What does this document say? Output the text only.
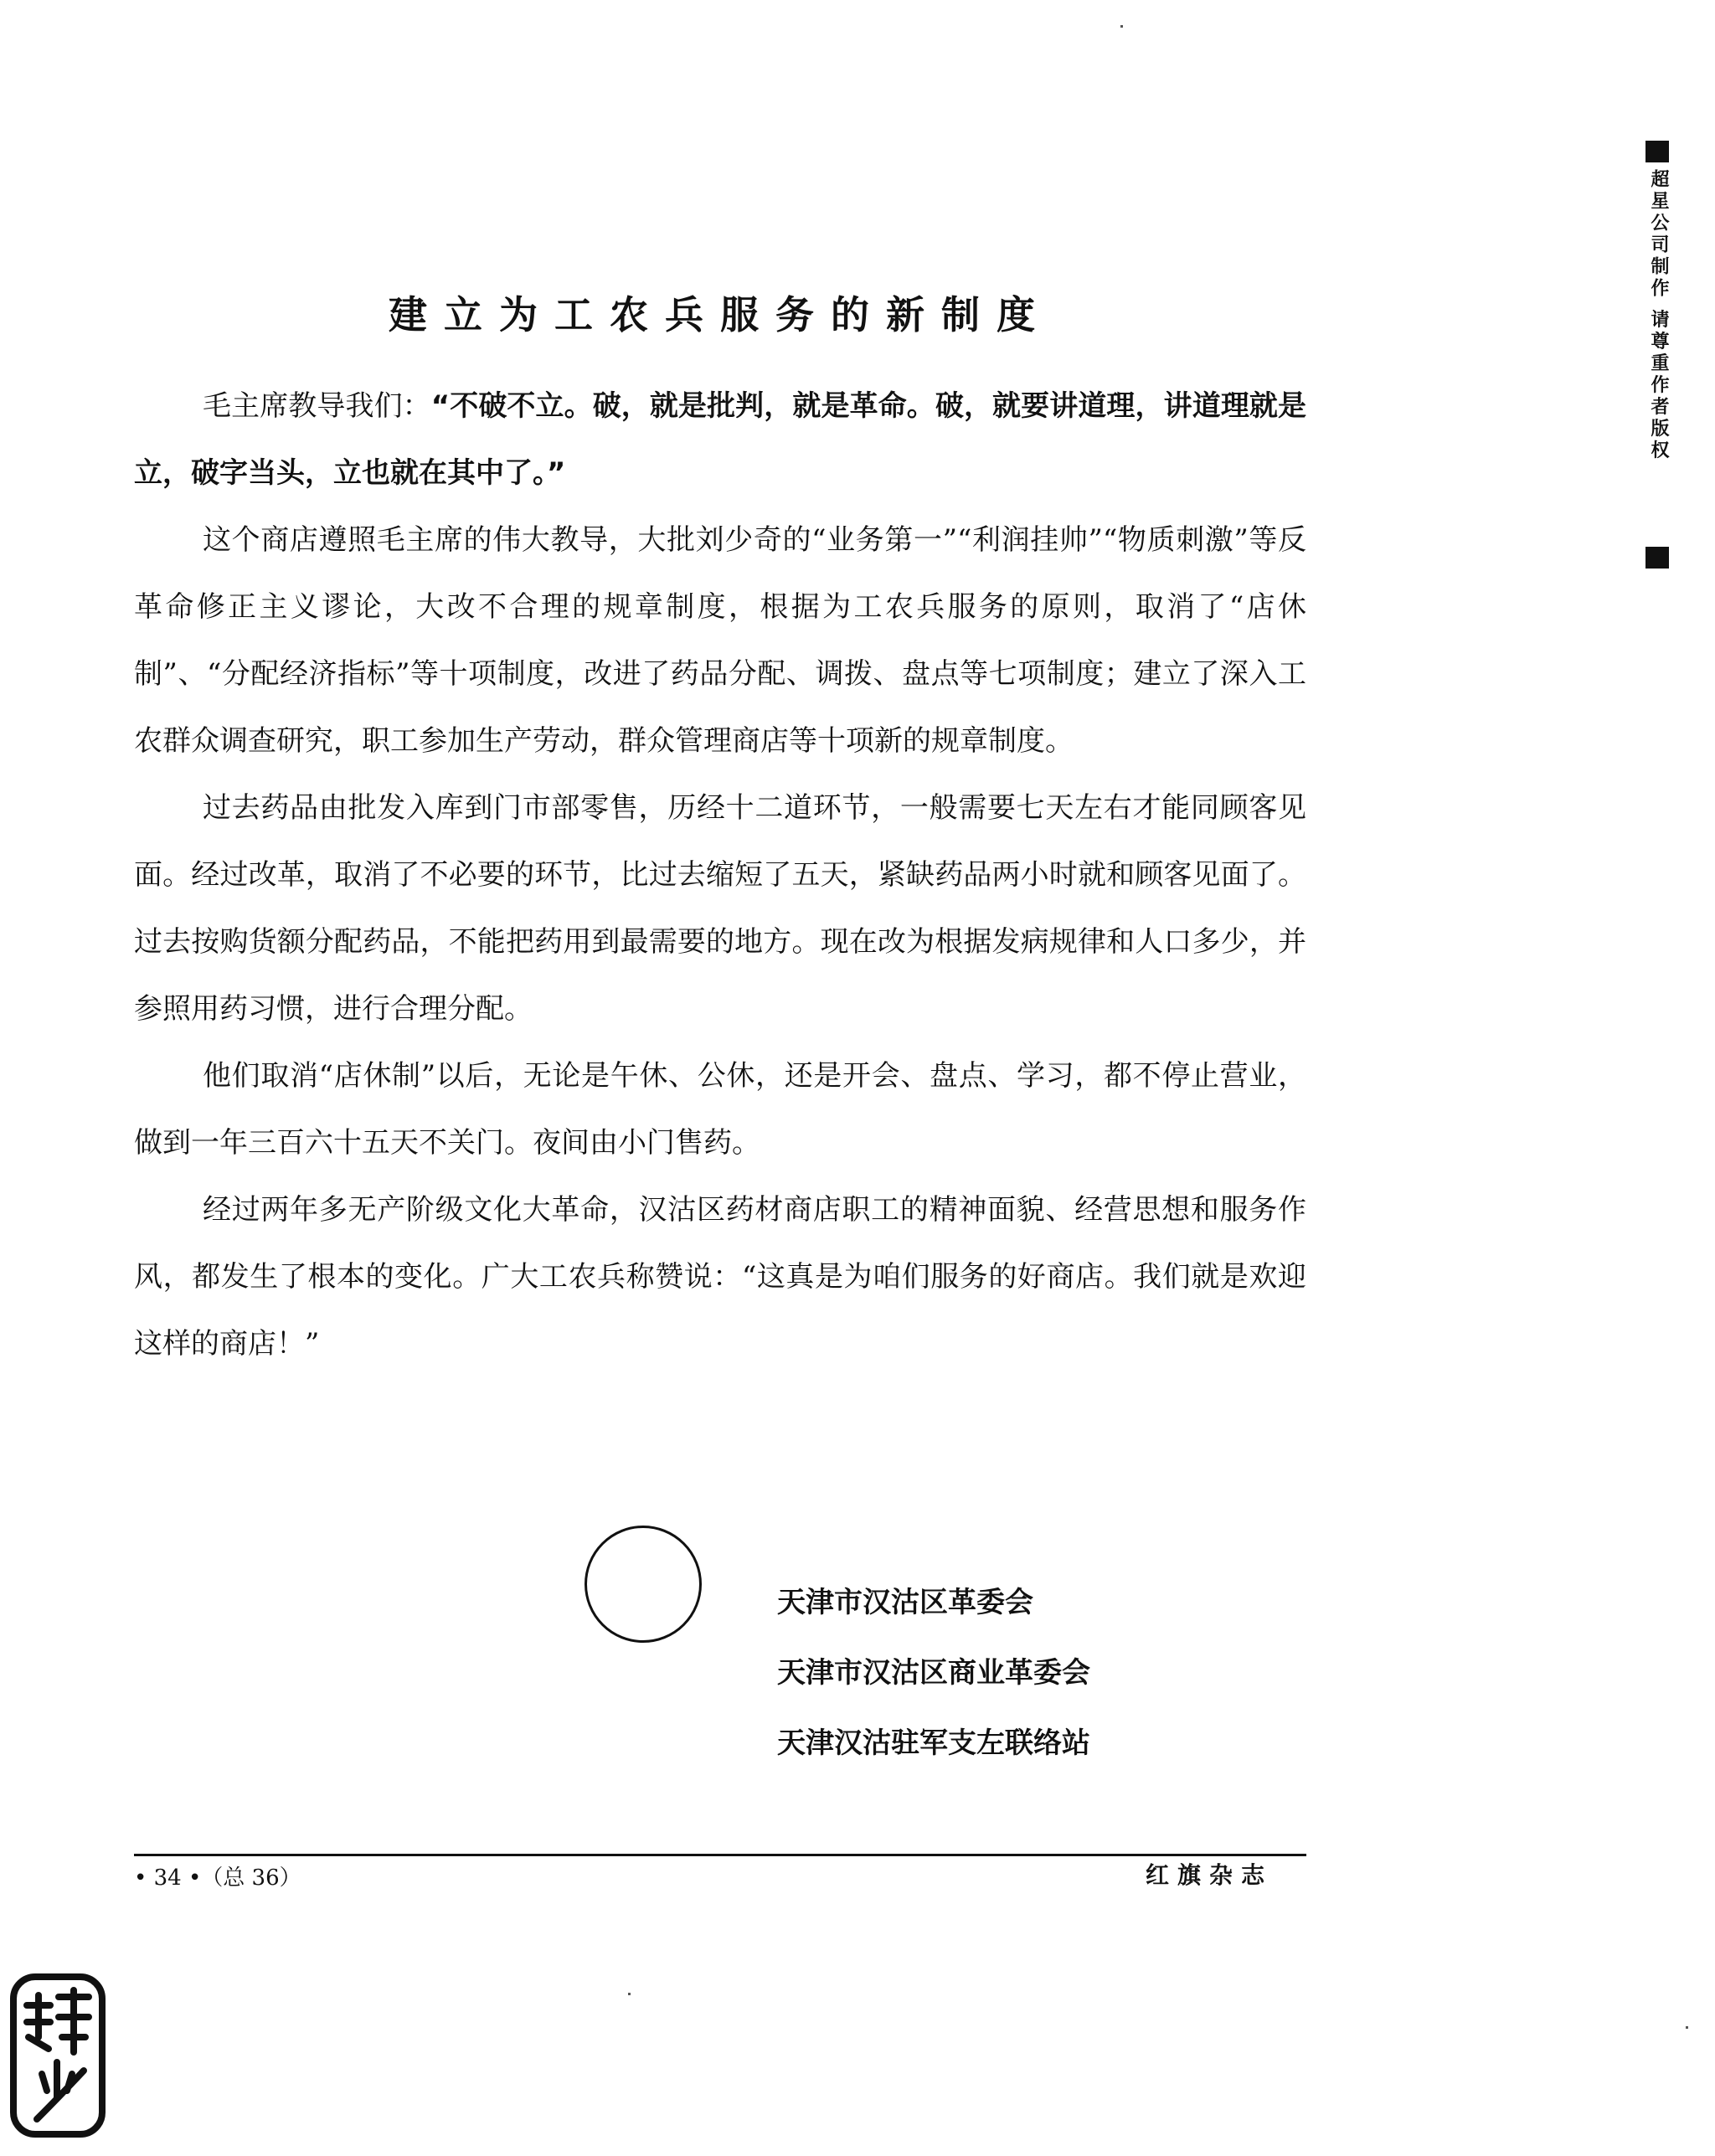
建立为工农兵服务的新制度

毛主席教导我们：“不破不立。破，就是批判，就是革命。破，就要讲道理，讲道理就是立，破字当头，立也就在其中了。”

这个商店遵照毛主席的伟大教导，大批刘少奇的“业务第一”“利润挂帅”“物质刺激”等反革命修正主义谬论，大改不合理的规章制度，根据为工农兵服务的原则，取消了“店休制”、“分配经济指标”等十项制度，改进了药品分配、调拨、盘点等七项制度；建立了深入工农群众调查研究，职工参加生产劳动，群众管理商店等十项新的规章制度。

过去药品由批发入库到门市部零售，历经十二道环节，一般需要七天左右才能同顾客见面。经过改革，取消了不必要的环节，比过去缩短了五天，紧缺药品两小时就和顾客见面了。过去按购货额分配药品，不能把药用到最需要的地方。现在改为根据发病规律和人口多少，并参照用药习惯，进行合理分配。

他们取消“店休制”以后，无论是午休、公休，还是开会、盘点、学习，都不停止营业，做到一年三百六十五天不关门。夜间由小门售药。

经过两年多无产阶级文化大革命，汉沽区药材商店职工的精神面貌、经营思想和服务作风，都发生了根本的变化。广大工农兵称赞说：“这真是为咱们服务的好商店。我们就是欢迎这样的商店！”

天津市汉沽区革委会
天津市汉沽区商业革委会
天津汉沽驻军支左联络站
• 34 •（总 36）	红旗杂志
超星公司制作 请尊重作者版权
